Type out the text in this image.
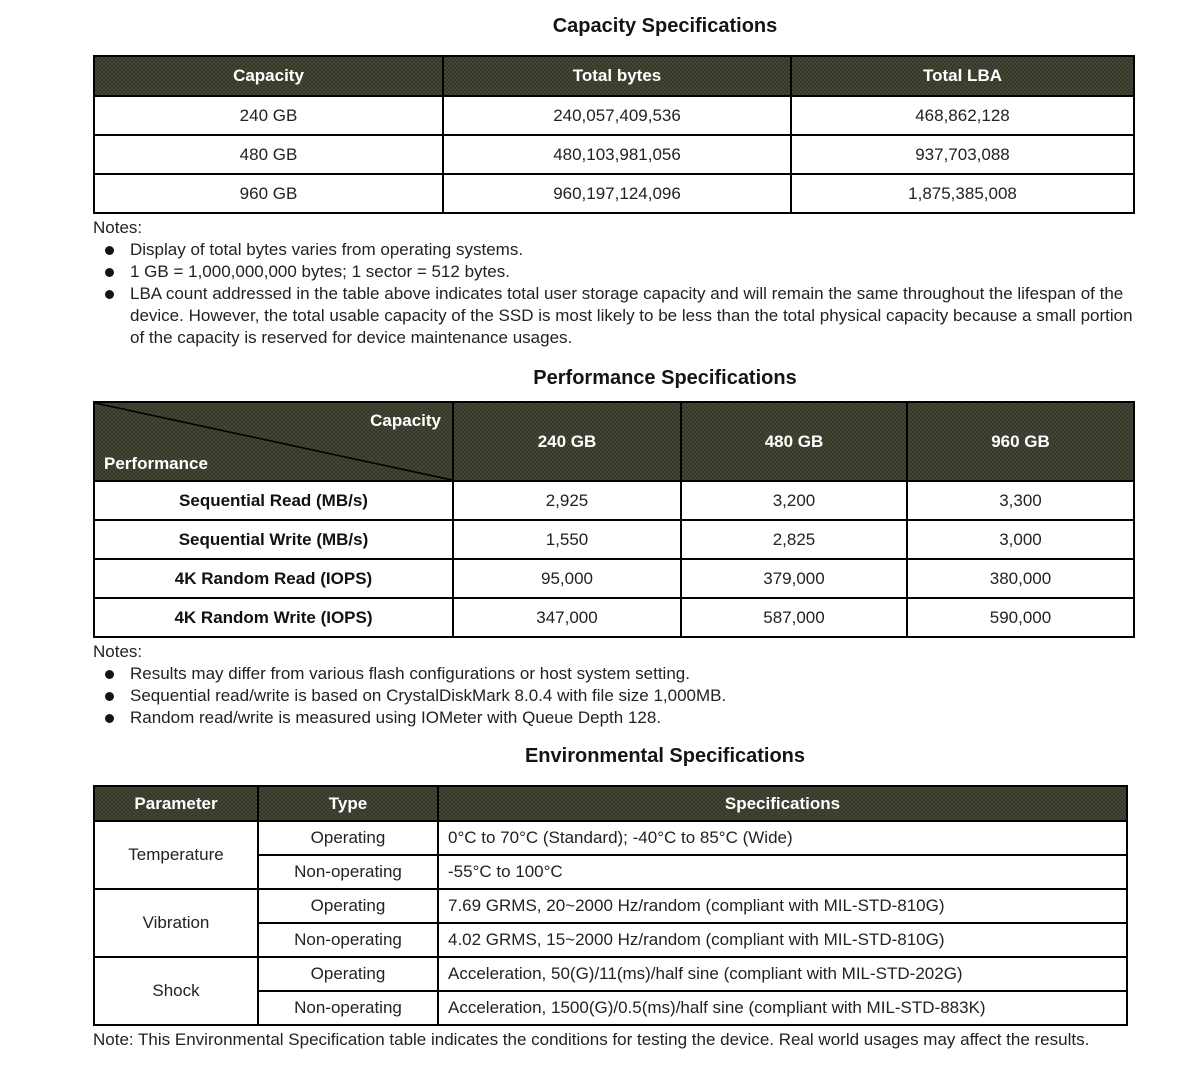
Capacity Specifications
Capacity	Total bytes	Total LBA
240 GB	240,057,409,536	468,862,128
480 GB	480,103,981,056	937,703,088
960 GB	960,197,124,096	1,875,385,008
Notes:
Display of total bytes varies from operating systems.
1 GB = 1,000,000,000 bytes; 1 sector = 512 bytes.
LBA count addressed in the table above indicates total user storage capacity and will remain the same throughout the lifespan of the device. However, the total usable capacity of the SSD is most likely to be less than the total physical capacity because a small portion of the capacity is reserved for device maintenance usages.
Performance Specifications
Capacity
Performance	240 GB	480 GB	960 GB
Sequential Read (MB/s)	2,925	3,200	3,300
Sequential Write (MB/s)	1,550	2,825	3,000
4K Random Read (IOPS)	95,000	379,000	380,000
4K Random Write (IOPS)	347,000	587,000	590,000
Notes:
Results may differ from various flash configurations or host system setting.
Sequential read/write is based on CrystalDiskMark 8.0.4 with file size 1,000MB.
Random read/write is measured using IOMeter with Queue Depth 128.
Environmental Specifications
Parameter	Type	Specifications
Temperature	Operating	0°C to 70°C (Standard); -40°C to 85°C (Wide)
	Non-operating	-55°C to 100°C
Vibration	Operating	7.69 GRMS, 20~2000 Hz/random (compliant with MIL-STD-810G)
	Non-operating	4.02 GRMS, 15~2000 Hz/random (compliant with MIL-STD-810G)
Shock	Operating	Acceleration, 50(G)/11(ms)/half sine (compliant with MIL-STD-202G)
	Non-operating	Acceleration, 1500(G)/0.5(ms)/half sine (compliant with MIL-STD-883K)

Note: This Environmental Specification table indicates the conditions for testing the device. Real world usages may affect the results.
